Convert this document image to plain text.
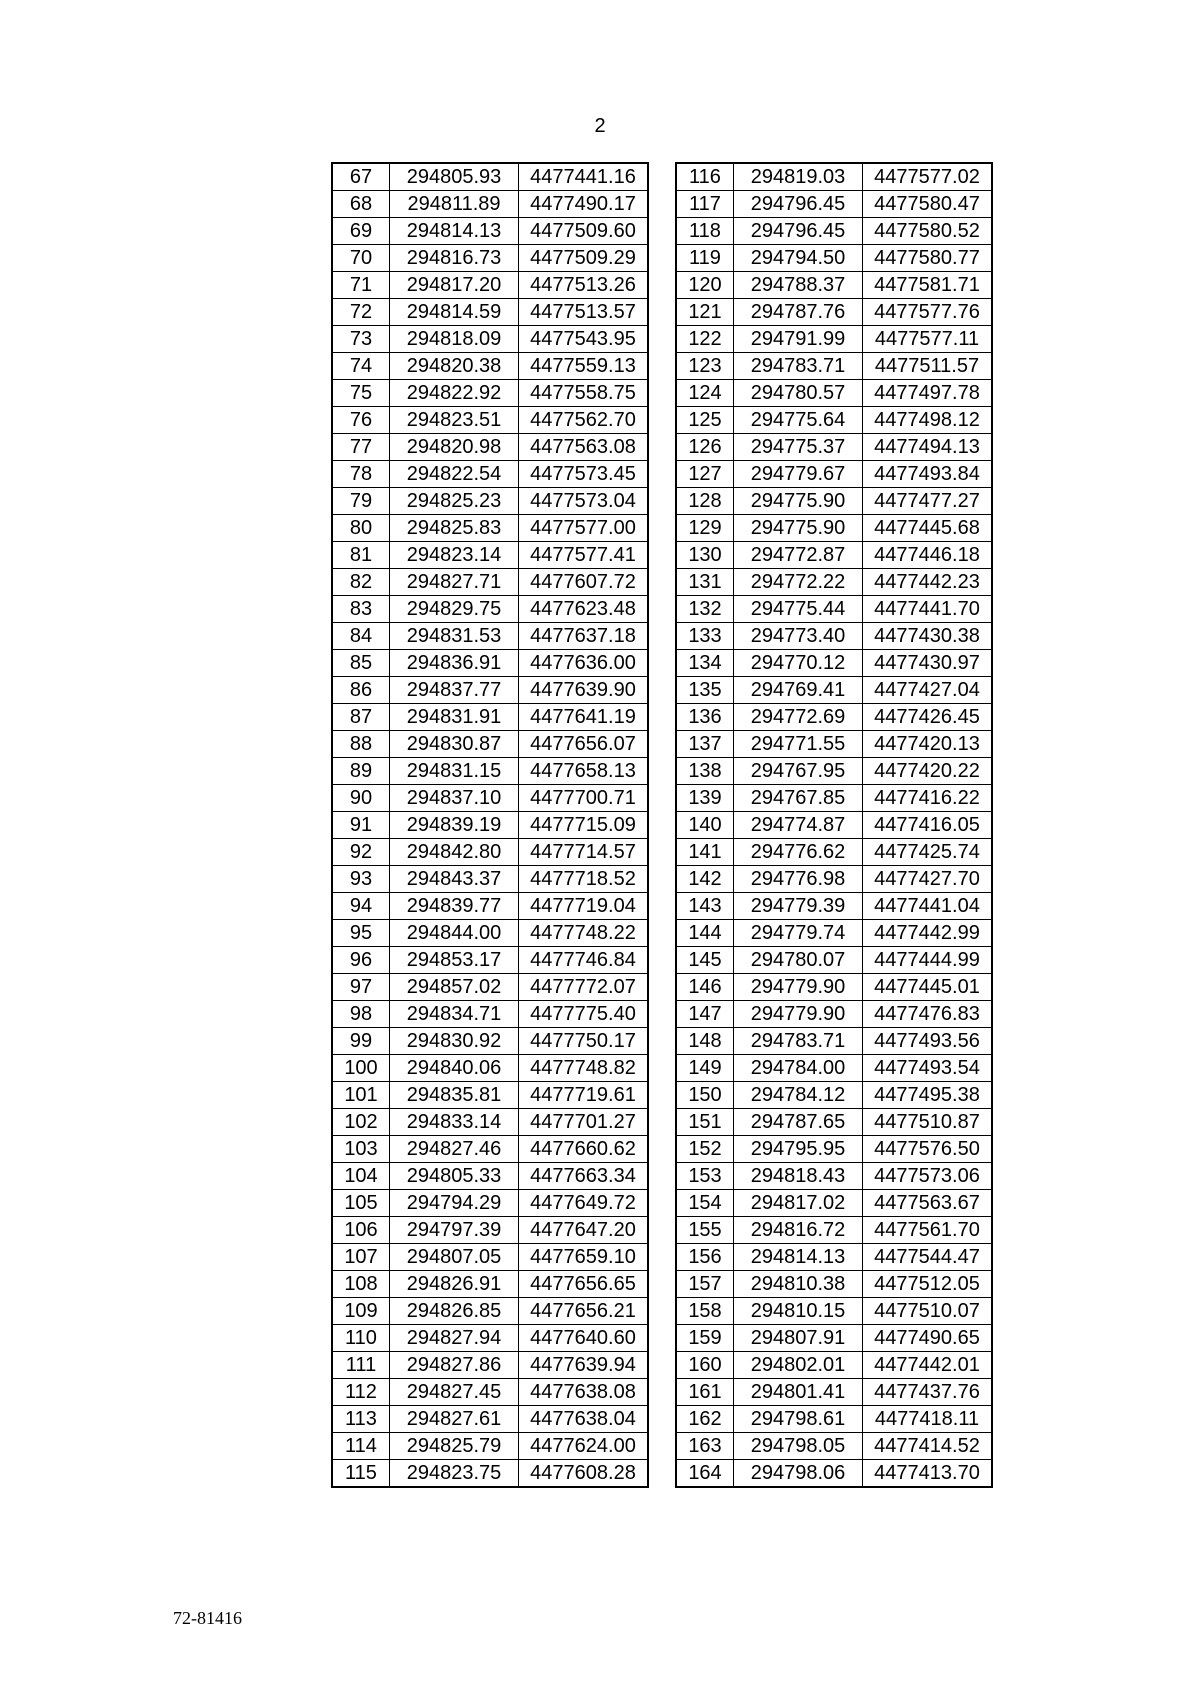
2
67	294805.93	4477441.16
68	294811.89	4477490.17
69	294814.13	4477509.60
70	294816.73	4477509.29
71	294817.20	4477513.26
72	294814.59	4477513.57
73	294818.09	4477543.95
74	294820.38	4477559.13
75	294822.92	4477558.75
76	294823.51	4477562.70
77	294820.98	4477563.08
78	294822.54	4477573.45
79	294825.23	4477573.04
80	294825.83	4477577.00
81	294823.14	4477577.41
82	294827.71	4477607.72
83	294829.75	4477623.48
84	294831.53	4477637.18
85	294836.91	4477636.00
86	294837.77	4477639.90
87	294831.91	4477641.19
88	294830.87	4477656.07
89	294831.15	4477658.13
90	294837.10	4477700.71
91	294839.19	4477715.09
92	294842.80	4477714.57
93	294843.37	4477718.52
94	294839.77	4477719.04
95	294844.00	4477748.22
96	294853.17	4477746.84
97	294857.02	4477772.07
98	294834.71	4477775.40
99	294830.92	4477750.17
100	294840.06	4477748.82
101	294835.81	4477719.61
102	294833.14	4477701.27
103	294827.46	4477660.62
104	294805.33	4477663.34
105	294794.29	4477649.72
106	294797.39	4477647.20
107	294807.05	4477659.10
108	294826.91	4477656.65
109	294826.85	4477656.21
110	294827.94	4477640.60
111	294827.86	4477639.94
112	294827.45	4477638.08
113	294827.61	4477638.04
114	294825.79	4477624.00
115	294823.75	4477608.28
116	294819.03	4477577.02
117	294796.45	4477580.47
118	294796.45	4477580.52
119	294794.50	4477580.77
120	294788.37	4477581.71
121	294787.76	4477577.76
122	294791.99	4477577.11
123	294783.71	4477511.57
124	294780.57	4477497.78
125	294775.64	4477498.12
126	294775.37	4477494.13
127	294779.67	4477493.84
128	294775.90	4477477.27
129	294775.90	4477445.68
130	294772.87	4477446.18
131	294772.22	4477442.23
132	294775.44	4477441.70
133	294773.40	4477430.38
134	294770.12	4477430.97
135	294769.41	4477427.04
136	294772.69	4477426.45
137	294771.55	4477420.13
138	294767.95	4477420.22
139	294767.85	4477416.22
140	294774.87	4477416.05
141	294776.62	4477425.74
142	294776.98	4477427.70
143	294779.39	4477441.04
144	294779.74	4477442.99
145	294780.07	4477444.99
146	294779.90	4477445.01
147	294779.90	4477476.83
148	294783.71	4477493.56
149	294784.00	4477493.54
150	294784.12	4477495.38
151	294787.65	4477510.87
152	294795.95	4477576.50
153	294818.43	4477573.06
154	294817.02	4477563.67
155	294816.72	4477561.70
156	294814.13	4477544.47
157	294810.38	4477512.05
158	294810.15	4477510.07
159	294807.91	4477490.65
160	294802.01	4477442.01
161	294801.41	4477437.76
162	294798.61	4477418.11
163	294798.05	4477414.52
164	294798.06	4477413.70
72-81416
